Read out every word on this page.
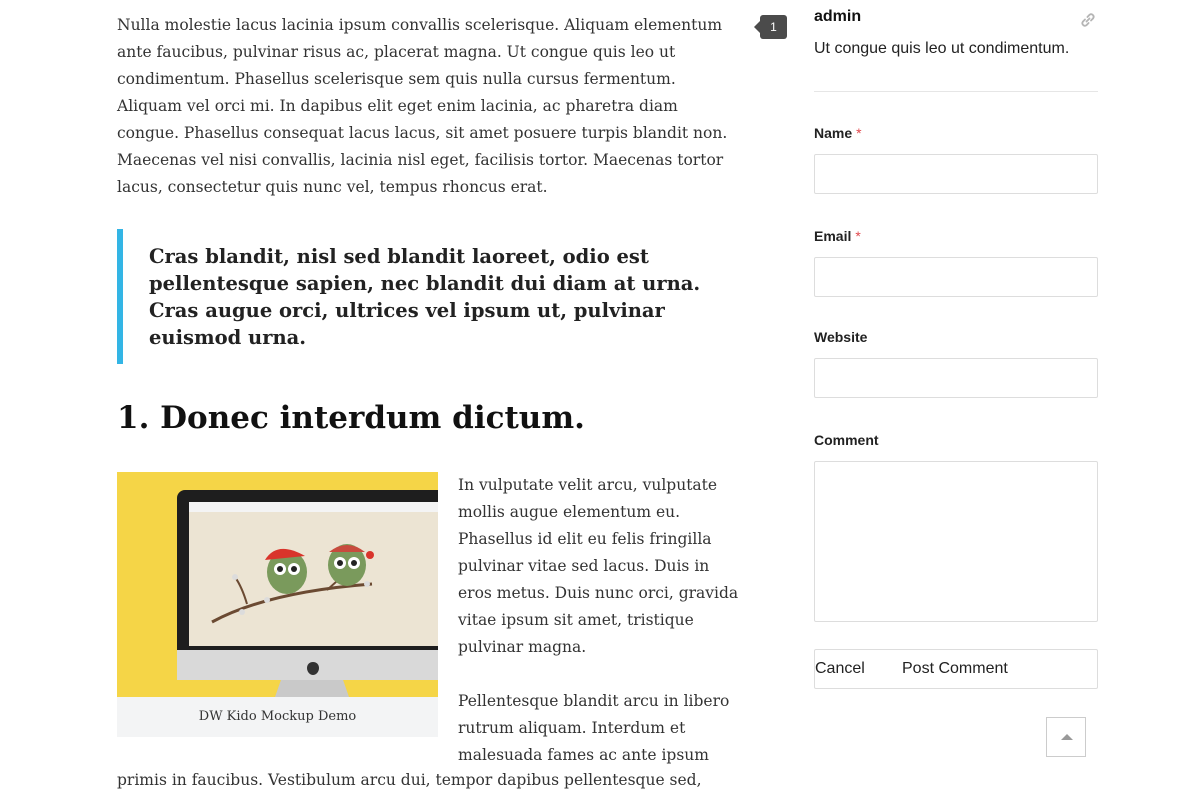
Nulla molestie lacus lacinia ipsum convallis scelerisque. Aliquam elementum ante faucibus, pulvinar risus ac, placerat magna. Ut congue quis leo ut condimentum. Phasellus scelerisque sem quis nulla cursus fermentum. Aliquam vel orci mi. In dapibus elit eget enim lacinia, ac pharetra diam congue. Phasellus consequat lacus lacus, sit amet posuere turpis blandit non. Maecenas vel nisi convallis, lacinia nisl eget, facilisis tortor. Maecenas tortor lacus, consectetur quis nunc vel, tempus rhoncus erat.

Cras blandit, nisl sed blandit laoreet, odio est pellentesque sapien, nec blandit dui diam at urna. Cras augue orci, ultrices vel ipsum ut, pulvinar euismod urna.

1. Donec interdum dictum.
DW Kido Mockup Demo

In vulputate velit arcu, vulputate mollis augue elementum eu. Phasellus id elit eu felis fringilla pulvinar vitae sed lacus. Duis in eros metus. Duis nunc orci, gravida vitae ipsum sit amet, tristique pulvinar magna.

Pellentesque blandit arcu in libero rutrum aliquam. Interdum et malesuada fames ac ante ipsum

primis in faucibus. Vestibulum arcu dui, tempor dapibus pellentesque sed,

1
admin
Ut congue quis leo ut condimentum.
Name *
Email *
Website
Comment
Cancel Post Comment
